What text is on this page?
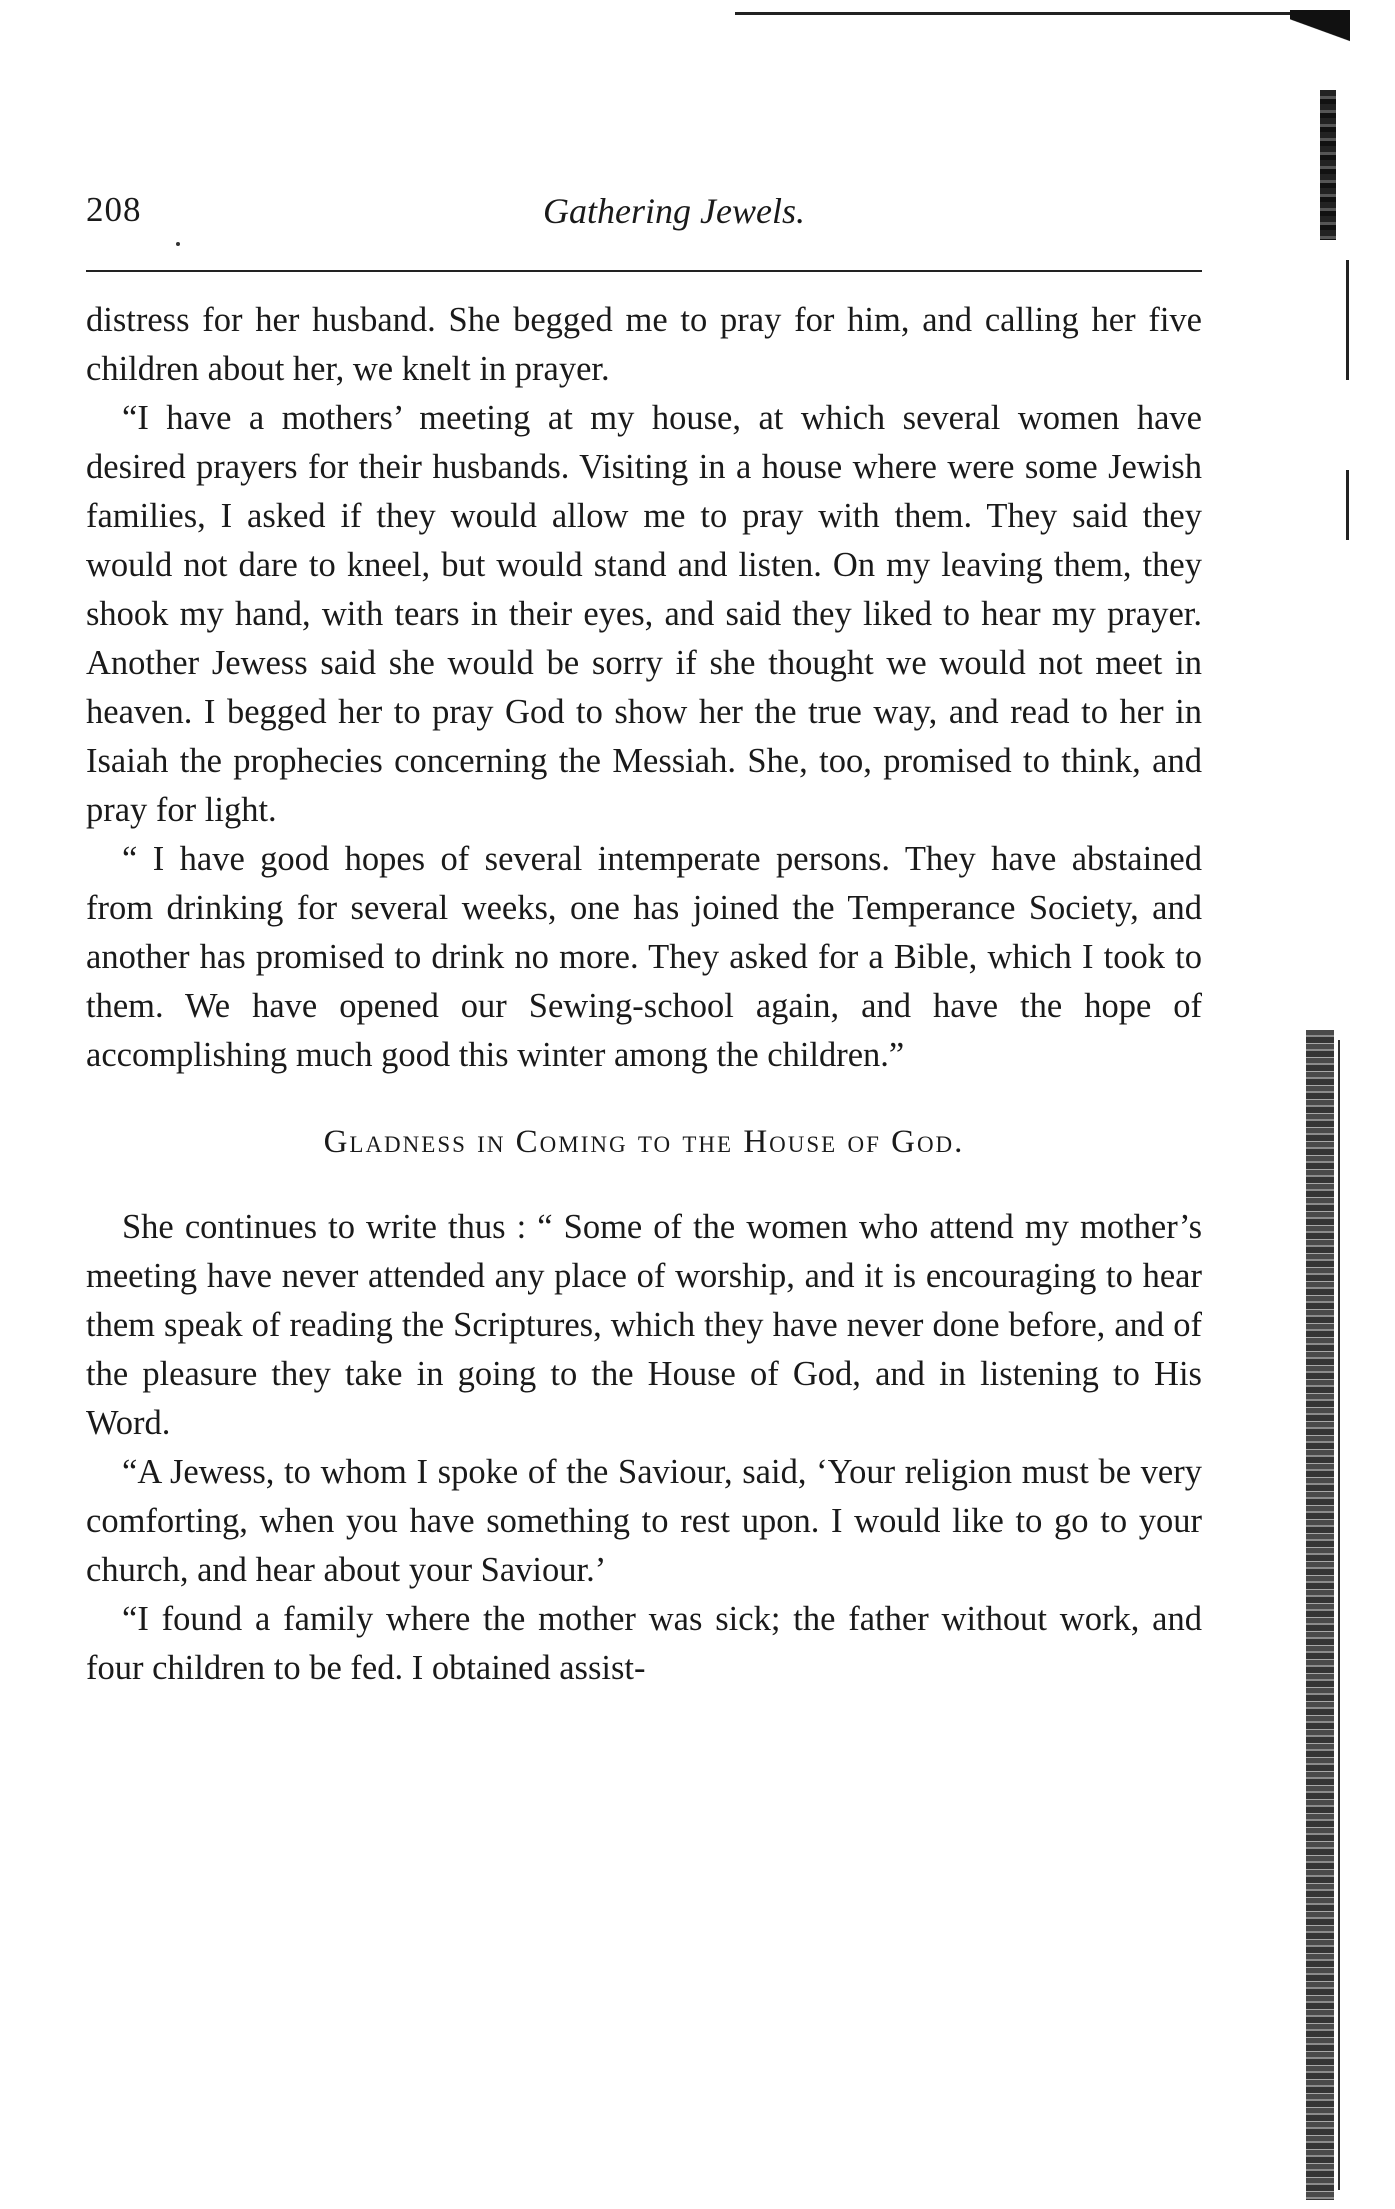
208	Gathering Jewels.

distress for her husband. She begged me to pray for him, and calling her five children about her, we knelt in prayer.

“I have a mothers’ meeting at my house, at which several women have desired prayers for their husbands. Visiting in a house where were some Jewish families, I asked if they would allow me to pray with them. They said they would not dare to kneel, but would stand and listen. On my leaving them, they shook my hand, with tears in their eyes, and said they liked to hear my prayer. Another Jewess said she would be sorry if she thought we would not meet in heaven. I begged her to pray God to show her the true way, and read to her in Isaiah the prophecies concerning the Messiah. She, too, promised to think, and pray for light.

“ I have good hopes of several intemperate persons. They have abstained from drinking for several weeks, one has joined the Temperance Society, and another has promised to drink no more. They asked for a Bible, which I took to them. We have opened our Sewing-school again, and have the hope of accomplishing much good this winter among the children.”

Gladness in Coming to the House of God.

She continues to write thus : “ Some of the women who attend my mother’s meeting have never attended any place of worship, and it is encouraging to hear them speak of reading the Scriptures, which they have never done before, and of the pleasure they take in going to the House of God, and in listening to His Word.

“A Jewess, to whom I spoke of the Saviour, said, ‘Your religion must be very comforting, when you have something to rest upon. I would like to go to your church, and hear about your Saviour.’

“I found a family where the mother was sick; the father without work, and four children to be fed. I obtained assist-
